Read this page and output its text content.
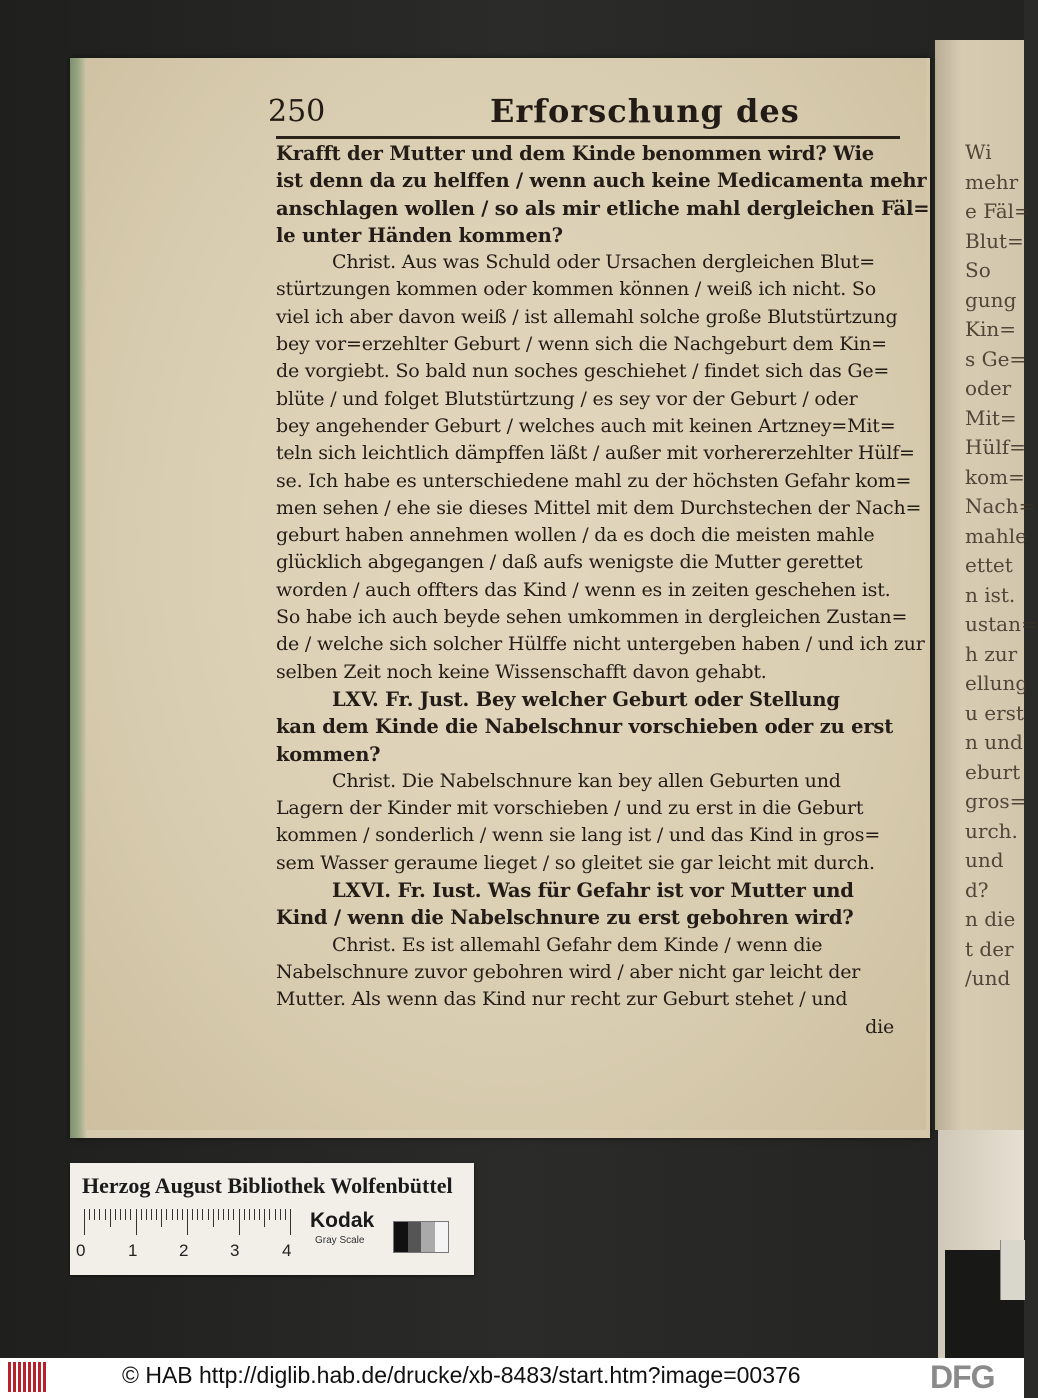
Wi
mehr
e Fäl=
Blut=
So
gung
Kin=
s Ge=
oder
Mit=
Hülf=
kom=
Nach=
mahle
ettet
n ist.
ustan=
h zur
ellung
u erst
n und
eburt
gros=
urch.
und
d?
n die
t der
/und
250	Erforschung des
Krafft der Mutter und dem Kinde benommen wird? Wie
ist denn da zu helffen / wenn auch keine Medicamenta mehr
anschlagen wollen / so als mir etliche mahl dergleichen Fäl=
le unter Händen kommen?
Christ. Aus was Schuld oder Ursachen dergleichen Blut=
stürtzungen kommen oder kommen können / weiß ich nicht. So
viel ich aber davon weiß / ist allemahl solche große Blutstürtzung
bey vor=erzehlter Geburt / wenn sich die Nachgeburt dem Kin=
de vorgiebt. So bald nun soches geschiehet / findet sich das Ge=
blüte / und folget Blutstürtzung / es sey vor der Geburt / oder
bey angehender Geburt / welches auch mit keinen Artzney=Mit=
teln sich leichtlich dämpffen läßt / außer mit vorhererzehlter Hülf=
se. Ich habe es unterschiedene mahl zu der höchsten Gefahr kom=
men sehen / ehe sie dieses Mittel mit dem Durchstechen der Nach=
geburt haben annehmen wollen / da es doch die meisten mahle
glücklich abgegangen / daß aufs wenigste die Mutter gerettet
worden / auch offters das Kind / wenn es in zeiten geschehen ist.
So habe ich auch beyde sehen umkommen in dergleichen Zustan=
de / welche sich solcher Hülffe nicht untergeben haben / und ich zur
selben Zeit noch keine Wissenschafft davon gehabt.
LXV. Fr. Just. Bey welcher Geburt oder Stellung
kan dem Kinde die Nabelschnur vorschieben oder zu erst
kommen?
Christ. Die Nabelschnure kan bey allen Geburten und
Lagern der Kinder mit vorschieben / und zu erst in die Geburt
kommen / sonderlich / wenn sie lang ist / und das Kind in gros=
sem Wasser geraume lieget / so gleitet sie gar leicht mit durch.
LXVI. Fr. Iust. Was für Gefahr ist vor Mutter und
Kind / wenn die Nabelschnure zu erst gebohren wird?
Christ. Es ist allemahl Gefahr dem Kinde / wenn die
Nabelschnure zuvor gebohren wird / aber nicht gar leicht der
Mutter. Als wenn das Kind nur recht zur Geburt stehet / und
die
Herzog August Bibliothek Wolfenbüttel
0	1 2 3	4
Kodak
Gray Scale
© HAB http://diglib.hab.de/drucke/xb-8483/start.htm?image=00376	DFG
